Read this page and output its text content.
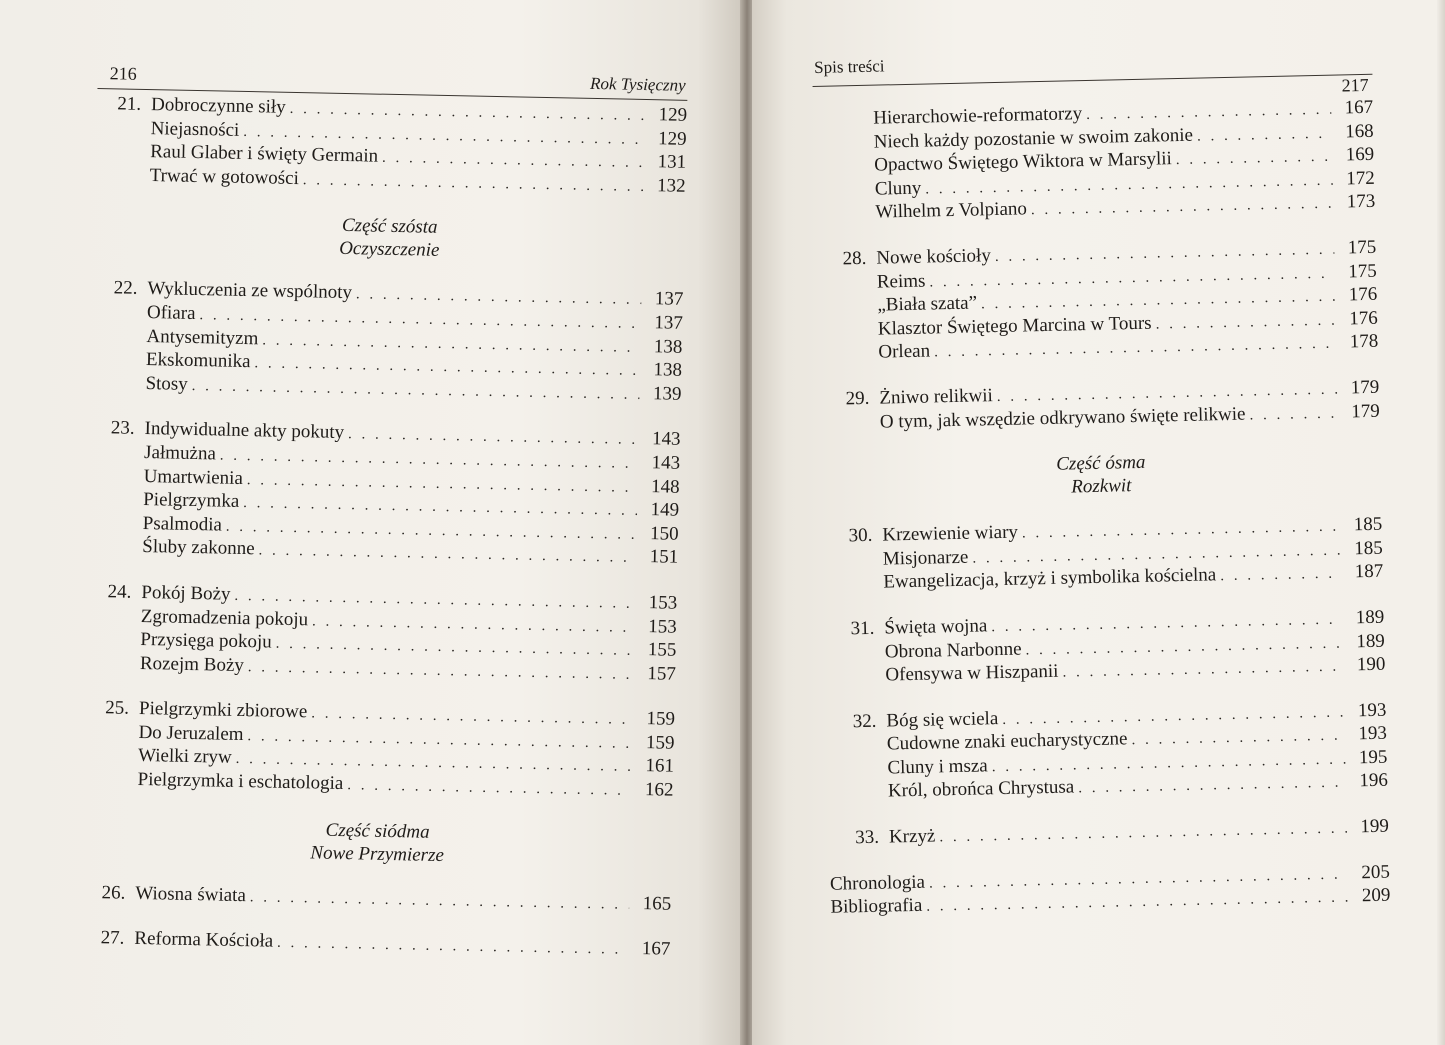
216
Rok Tysięczny
21. Dobroczynne siły . . .	129
Niejasności . . .	129
Raul Glaber i święty Germain . . .	131
Trwać w gotowości . . .	132

Część szósta

Oczyszczenie

22. Wykluczenia ze wspólnoty . . .	137
Ofiara . . .	137
Antysemityzm . . .	138
Ekskomunika . . .	138
Stosy . . .	139
23. Indywidualne akty pokuty . . .	143
Jałmużna . . .	143
Umartwienia . . .	148
Pielgrzymka . . .	149
Psalmodia . . .	150
Śluby zakonne . . .	151
24. Pokój Boży . . .	153
Zgromadzenia pokoju . . .	153
Przysięga pokoju . . .	155
Rozejm Boży . . .	157
25. Pielgrzymki zbiorowe . . .	159
Do Jeruzalem . . .	159
Wielki zryw . . .	161
Pielgrzymka i eschatologia . . .	162

Część siódma

Nowe Przymierze

26. Wiosna świata . . .	165
27. Reforma Kościoła . . .	167
Spis treści
217
Hierarchowie-reformatorzy . . .	167
Niech każdy pozostanie w swoim zakonie . . .	168
Opactwo Świętego Wiktora w Marsylii . . .	169
Cluny . . .	172
Wilhelm z Volpiano . . .	173
28. Nowe kościoły . . .	175
Reims . . .	175
„Biała szata” . . .	176
Klasztor Świętego Marcina w Tours . . .	176
Orlean . . .	178
29. Żniwo relikwii . . .	179
O tym, jak wszędzie odkrywano święte relikwie . . .	179

Część ósma

Rozkwit

30. Krzewienie wiary . . .	185
Misjonarze . . .	185
Ewangelizacja, krzyż i symbolika kościelna . . .	187
31. Święta wojna . . .	189
Obrona Narbonne . . .	189
Ofensywa w Hiszpanii . . .	190
32. Bóg się wciela . . .	193
Cudowne znaki eucharystyczne . . .	193
Cluny i msza . . .	195
Król, obrońca Chrystusa . . .	196
33. Krzyż . . .	199
Chronologia . . .	205
Bibliografia . . .	209
